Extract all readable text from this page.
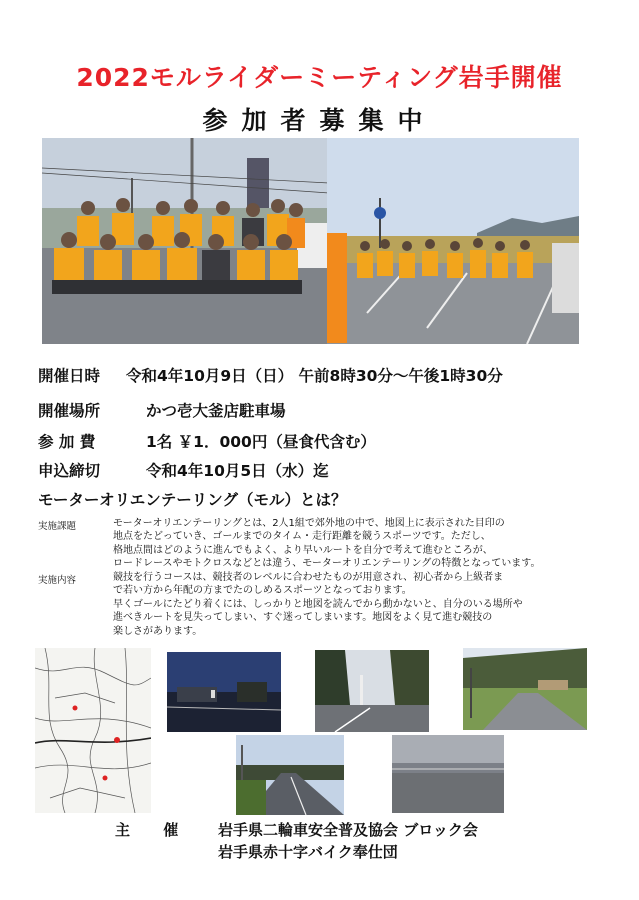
2022モルライダーミーティング岩手開催
参加者募集中
開催日時 令和4年10月9日（日） 午前8時30分～午後1時30分
開催場所	かつ壱大釜店駐車場
参 加 費	1名 ￥1．000円（昼食代含む）
申込締切	令和4年10月5日（水）迄
モーターオリエンテーリング（モル）とは？
実施課題	モーターオリエンテーリングとは、2人1組で郊外地の中で、地図上に表示された目印の

地点をたどっていき、ゴールまでのタイム・走行距離を競うスポーツです。ただし、

格地点間はどのように進んでもよく、より早いルートを自分で考えて進むところが、

ロードレースやモトクロスなどとは違う、モーターオリエンテーリングの特徴となっています。

実施内容	競技を行うコースは、競技者のレベルに合わせたものが用意され、初心者から上級者ま

で若い方から年配の方までたのしめるスポーツとなっております。

早くゴールにたどり着くには、しっかりと地図を読んでから動かないと、自分のいる場所や

進べきルートを見失ってしまい、すぐ迷ってしまいます。地図をよく見て進む競技の

楽しさがあります。

主 催 岩手県二輪車安全普及協会 ブロック会
岩手県赤十字バイク奉仕団
